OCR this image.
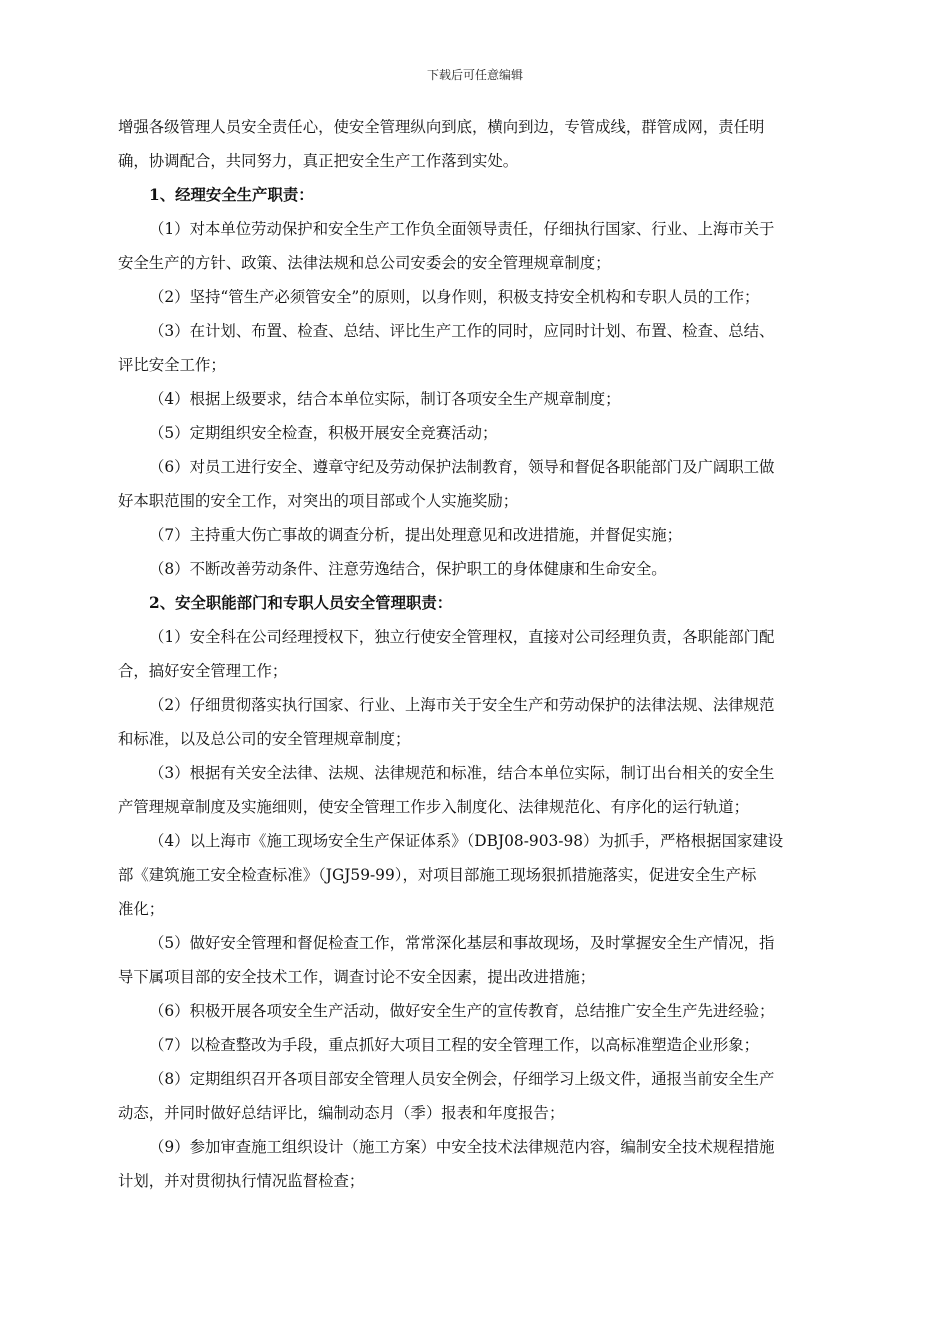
下载后可任意编辑
增强各级管理人员安全责任心，使安全管理纵向到底，横向到边，专管成线，群管成网，责任明
确，协调配合，共同努力，真正把安全生产工作落到实处。
1、经理安全生产职责：
（1）对本单位劳动保护和安全生产工作负全面领导责任，仔细执行国家、行业、上海市关于
安全生产的方针、政策、法律法规和总公司安委会的安全管理规章制度；
（2）坚持“管生产必须管安全”的原则，以身作则，积极支持安全机构和专职人员的工作；
（3）在计划、布置、检查、总结、评比生产工作的同时，应同时计划、布置、检查、总结、
评比安全工作；
（4）根据上级要求，结合本单位实际，制订各项安全生产规章制度；
（5）定期组织安全检查，积极开展安全竞赛活动；
（6）对员工进行安全、遵章守纪及劳动保护法制教育，领导和督促各职能部门及广阔职工做
好本职范围的安全工作，对突出的项目部或个人实施奖励；
（7）主持重大伤亡事故的调查分析，提出处理意见和改进措施，并督促实施；
（8）不断改善劳动条件、注意劳逸结合，保护职工的身体健康和生命安全。
2、安全职能部门和专职人员安全管理职责：
（1）安全科在公司经理授权下，独立行使安全管理权，直接对公司经理负责，各职能部门配
合，搞好安全管理工作；
（2）仔细贯彻落实执行国家、行业、上海市关于安全生产和劳动保护的法律法规、法律规范
和标准，以及总公司的安全管理规章制度；
（3）根据有关安全法律、法规、法律规范和标准，结合本单位实际，制订出台相关的安全生
产管理规章制度及实施细则，使安全管理工作步入制度化、法律规范化、有序化的运行轨道；
（4）以上海市《施工现场安全生产保证体系》（DBJ08-903-98）为抓手，严格根据国家建设
部《建筑施工安全检查标准》（JGJ59-99），对项目部施工现场狠抓措施落实，促进安全生产标
准化；
（5）做好安全管理和督促检查工作，常常深化基层和事故现场，及时掌握安全生产情况，指
导下属项目部的安全技术工作，调查讨论不安全因素，提出改进措施；
（6）积极开展各项安全生产活动，做好安全生产的宣传教育，总结推广安全生产先进经验；
（7）以检查整改为手段，重点抓好大项目工程的安全管理工作，以高标准塑造企业形象；
（8）定期组织召开各项目部安全管理人员安全例会，仔细学习上级文件，通报当前安全生产
动态，并同时做好总结评比，编制动态月（季）报表和年度报告；
（9）参加审查施工组织设计（施工方案）中安全技术法律规范内容，编制安全技术规程措施
计划，并对贯彻执行情况监督检查；
